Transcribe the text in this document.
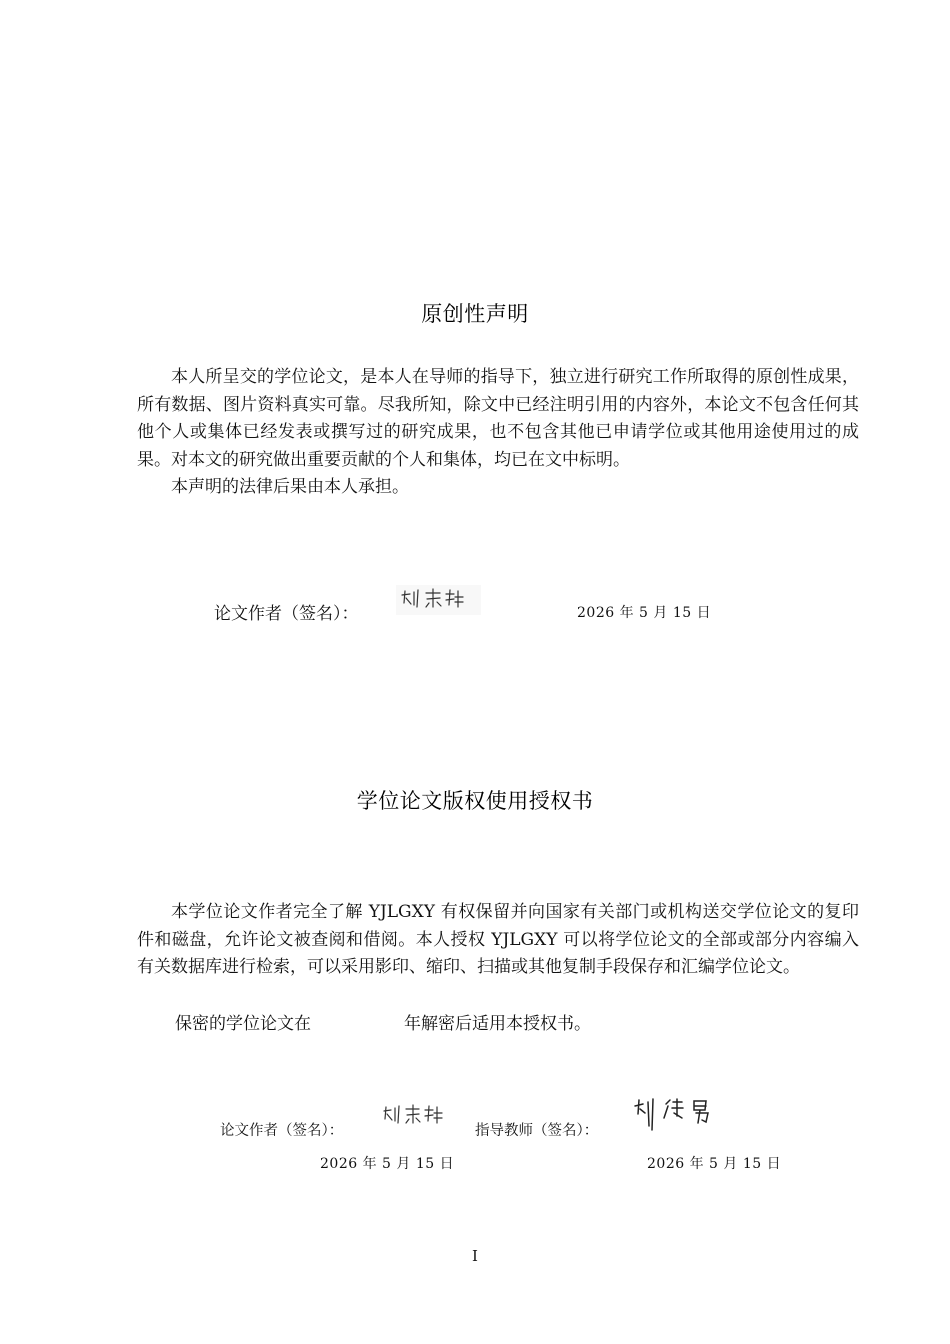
原创性声明

本人所呈交的学位论文，是本人在导师的指导下，独立进行研究工作所取得的原创性成果，所有数据、图片资料真实可靠。尽我所知，除文中已经注明引用的内容外，本论文不包含任何其他个人或集体已经发表或撰写过的研究成果，也不包含其他已申请学位或其他用途使用过的成果。对本文的研究做出重要贡献的个人和集体，均已在文中标明。

本声明的法律后果由本人承担。

论文作者（签名）：	2026 年 5 月 15 日
学位论文版权使用授权书

本学位论文作者完全了解 YJLGXY 有权保留并向国家有关部门或机构送交学位论文的复印件和磁盘，允许论文被查阅和借阅。本人授权 YJLGXY 可以将学位论文的全部或部分内容编入有关数据库进行检索，可以采用影印、缩印、扫描或其他复制手段保存和汇编学位论文。

保密的学位论文在	年解密后适用本授权书。
论文作者（签名）：	指导教师（签名）：
2026 年 5 月 15 日	2026 年 5 月 15 日
I
